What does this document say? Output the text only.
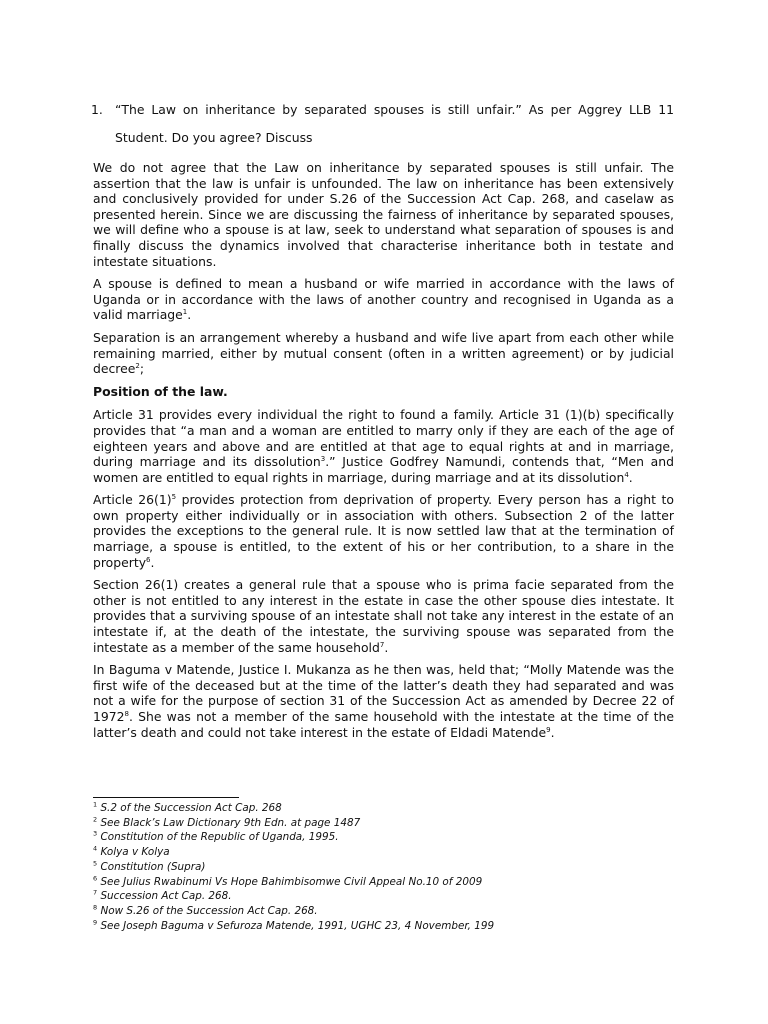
1. “The Law on inheritance by separated spouses is still unfair.” As per Aggrey LLB 11 Student. Do you agree? Discuss

We do not agree that the Law on inheritance by separated spouses is still unfair. The assertion that the law is unfair is unfounded. The law on inheritance has been extensively and conclusively provided for under S.26 of the Succession Act Cap. 268, and caselaw as presented herein. Since we are discussing the fairness of inheritance by separated spouses, we will define who a spouse is at law, seek to understand what separation of spouses is and finally discuss the dynamics involved that characterise inheritance both in testate and intestate situations.

A spouse is defined to mean a husband or wife married in accordance with the laws of Uganda or in accordance with the laws of another country and recognised in Uganda as a valid marriage$^1$.

Separation is an arrangement whereby a husband and wife live apart from each other while remaining married, either by mutual consent (often in a written agreement) or by judicial decree$^2$;

Position of the law.

Article 31 provides every individual the right to found a family. Article 31 (1)(b) specifically provides that “a man and a woman are entitled to marry only if they are each of the age of eighteen years and above and are entitled at that age to equal rights at and in marriage, during marriage and its dissolution$^3$.” Justice Godfrey Namundi, contends that, “Men and women are entitled to equal rights in marriage, during marriage and at its dissolution$^4$.

Article $26(1)^5$ provides protection from deprivation of property. Every person has a right to own property either individually or in association with others. Subsection 2 of the latter provides the exceptions to the general rule. It is now settled law that at the termination of marriage, a spouse is entitled, to the extent of his or her contribution, to a share in the property$^6$.

Section 26(1) creates a general rule that a spouse who is prima facie separated from the other is not entitled to any interest in the estate in case the other spouse dies intestate. It provides that a surviving spouse of an intestate shall not take any interest in the estate of an intestate if, at the death of the intestate, the surviving spouse was separated from the intestate as a member of the same household$^7$.

In Baguma v Matende, Justice I. Mukanza as he then was, held that; “Molly Matende was the first wife of the deceased but at the time of the latter’s death they had separated and was not a wife for the purpose of section 31 of the Succession Act as amended by Decree 22 of 1972$^8$. She was not a member of the same household with the intestate at the time of the latter’s death and could not take interest in the estate of Eldadi Matende$^9$.

$^1$ S.2 of the Succession Act Cap. 268
$^2$ See Black’s Law Dictionary 9th Edn. at page 1487
$^3$ Constitution of the Republic of Uganda, 1995.
$^4$ Kolya v Kolya
$^5$ Constitution (Supra)
$^6$ See Julius Rwabinumi Vs Hope Bahimbisomwe Civil Appeal No.10 of 2009
$^7$ Succession Act Cap. 268.
$^8$ Now S.26 of the Succession Act Cap. 268.
$^9$ See Joseph Baguma v Sefuroza Matende, 1991, UGHC 23, 4 November, 199
